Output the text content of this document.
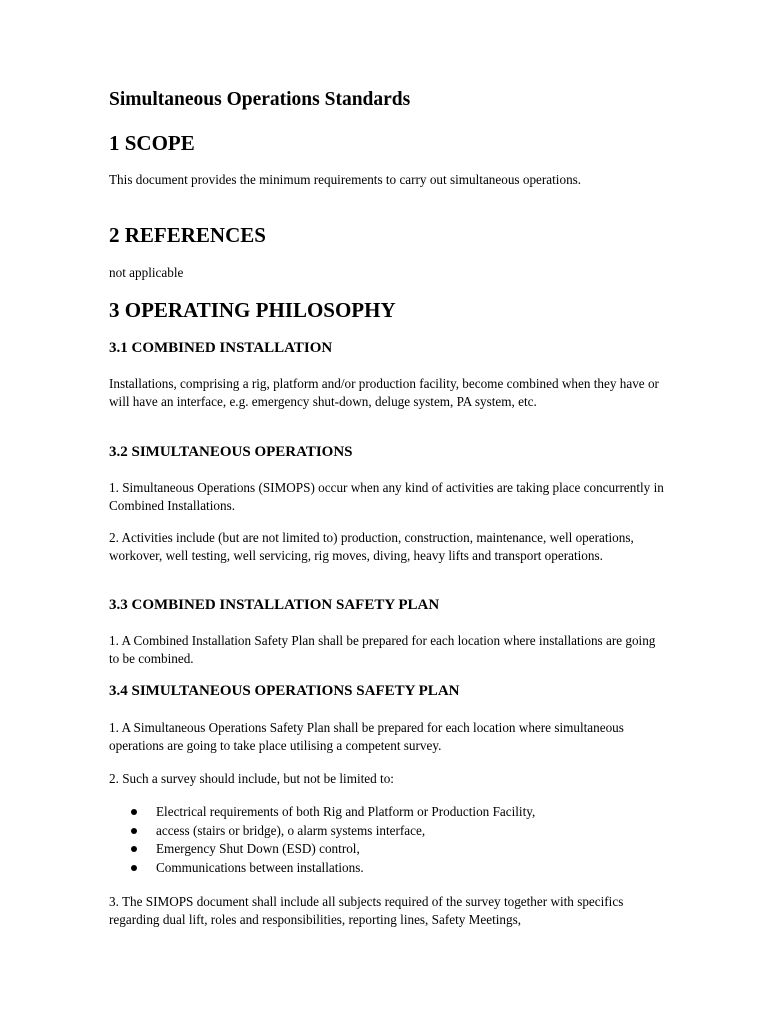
Simultaneous Operations Standards
1 SCOPE

This document provides the minimum requirements to carry out simultaneous operations.

2 REFERENCES

not applicable

3 OPERATING PHILOSOPHY
3.1 COMBINED INSTALLATION

Installations, comprising a rig, platform and/or production facility, become combined when they have or will have an interface, e.g. emergency shut-down, deluge system, PA system, etc.

3.2 SIMULTANEOUS OPERATIONS

1. Simultaneous Operations (SIMOPS) occur when any kind of activities are taking place concurrently in Combined Installations.

2. Activities include (but are not limited to) production, construction, maintenance, well operations, workover, well testing, well servicing, rig moves, diving, heavy lifts and transport operations.

3.3 COMBINED INSTALLATION SAFETY PLAN

1. A Combined Installation Safety Plan shall be prepared for each location where installations are going to be combined.

3.4 SIMULTANEOUS OPERATIONS SAFETY PLAN

1. A Simultaneous Operations Safety Plan shall be prepared for each location where simultaneous operations are going to take place utilising a competent survey.

2. Such a survey should include, but not be limited to:

Electrical requirements of both Rig and Platform or Production Facility,
access (stairs or bridge), o alarm systems interface,
Emergency Shut Down (ESD) control,
Communications between installations.

3. The SIMOPS document shall include all subjects required of the survey together with specifics regarding dual lift, roles and responsibilities, reporting lines, Safety Meetings,
